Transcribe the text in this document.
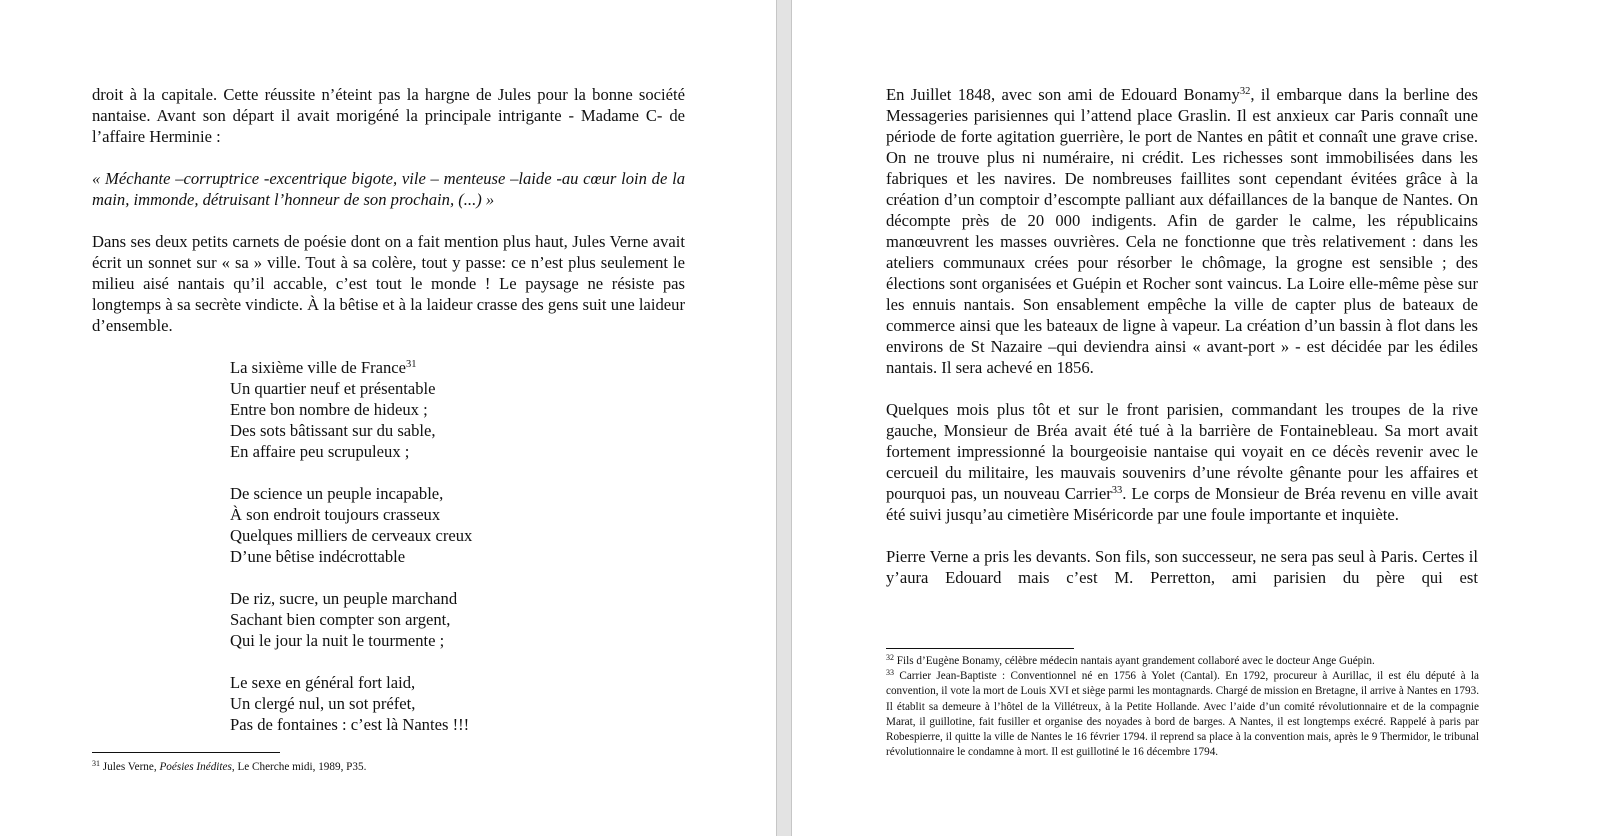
droit à la capitale. Cette réussite n’éteint pas la hargne de Jules pour la bonne société nantaise. Avant son départ il avait morigéné la principale intrigante - Madame C- de l’affaire Herminie :

« Méchante –corruptrice -excentrique bigote, vile – menteuse –laide -au cœur loin de la main, immonde, détruisant l’honneur de son prochain, (...) »

Dans ses deux petits carnets de poésie dont on a fait mention plus haut, Jules Verne avait écrit un sonnet sur « sa » ville. Tout à sa colère, tout y passe: ce n’est plus seulement le milieu aisé nantais qu’il accable, c’est tout le monde ! Le paysage ne résiste pas longtemps à sa secrète vindicte. À la bêtise et à la laideur crasse des gens suit une laideur d’ensemble.

La sixième ville de France$^{31}$
Un quartier neuf et présentable
Entre bon nombre de hideux ;
Des sots bâtissant sur du sable,
En affaire peu scrupuleux ;
De science un peuple incapable,
À son endroit toujours crasseux
Quelques milliers de cerveaux creux
D’une bêtise indécrottable
De riz, sucre, un peuple marchand
Sachant bien compter son argent,
Qui le jour la nuit le tourmente ;
Le sexe en général fort laid,
Un clergé nul, un sot préfet,
Pas de fontaines : c’est là Nantes !!!

$^{31}$ Jules Verne, Poésies Inédites, Le Cherche midi, 1989, P35.

En Juillet 1848, avec son ami de Edouard Bonamy$^{32}$, il embarque dans la berline des Messageries parisiennes qui l’attend place Graslin. Il est anxieux car Paris connaît une période de forte agitation guerrière, le port de Nantes en pâtit et connaît une grave crise. On ne trouve plus ni numéraire, ni crédit. Les richesses sont immobilisées dans les fabriques et les navires. De nombreuses faillites sont cependant évitées grâce à la création d’un comptoir d’escompte palliant aux défaillances de la banque de Nantes. On décompte près de 20 000 indigents. Afin de garder le calme, les républicains manœuvrent les masses ouvrières. Cela ne fonctionne que très relativement : dans les ateliers communaux crées pour résorber le chômage, la grogne est sensible ; des élections sont organisées et Guépin et Rocher sont vaincus. La Loire elle-même pèse sur les ennuis nantais. Son ensablement empêche la ville de capter plus de bateaux de commerce ainsi que les bateaux de ligne à vapeur. La création d’un bassin à flot dans les environs de St Nazaire –qui deviendra ainsi « avant-port » - est décidée par les édiles nantais. Il sera achevé en 1856.

Quelques mois plus tôt et sur le front parisien, commandant les troupes de la rive gauche, Monsieur de Bréa avait été tué à la barrière de Fontainebleau. Sa mort avait fortement impressionné la bourgeoisie nantaise qui voyait en ce décès revenir avec le cercueil du militaire, les mauvais souvenirs d’une révolte gênante pour les affaires et pourquoi pas, un nouveau Carrier$^{33}$. Le corps de Monsieur de Bréa revenu en ville avait été suivi jusqu’au cimetière Miséricorde par une foule importante et inquiète.

Pierre Verne a pris les devants. Son fils, son successeur, ne sera pas seul à Paris. Certes il y’aura Edouard mais c’est M. Perretton, ami parisien du père qui est

$^{32}$ Fils d’Eugène Bonamy, célèbre médecin nantais ayant grandement collaboré avec le docteur Ange Guépin.

$^{33}$ Carrier Jean-Baptiste : Conventionnel né en 1756 à Yolet (Cantal). En 1792, procureur à Aurillac, il est élu député à la convention, il vote la mort de Louis XVI et siège parmi les montagnards. Chargé de mission en Bretagne, il arrive à Nantes en 1793. Il établit sa demeure à l’hôtel de la Villétreux, à la Petite Hollande. Avec l’aide d’un comité révolutionnaire et de la compagnie Marat, il guillotine, fait fusiller et organise des noyades à bord de barges. A Nantes, il est longtemps exécré. Rappelé à paris par Robespierre, il quitte la ville de Nantes le 16 février 1794. il reprend sa place à la convention mais, après le 9 Thermidor, le tribunal révolutionnaire le condamne à mort. Il est guillotiné le 16 décembre 1794.
